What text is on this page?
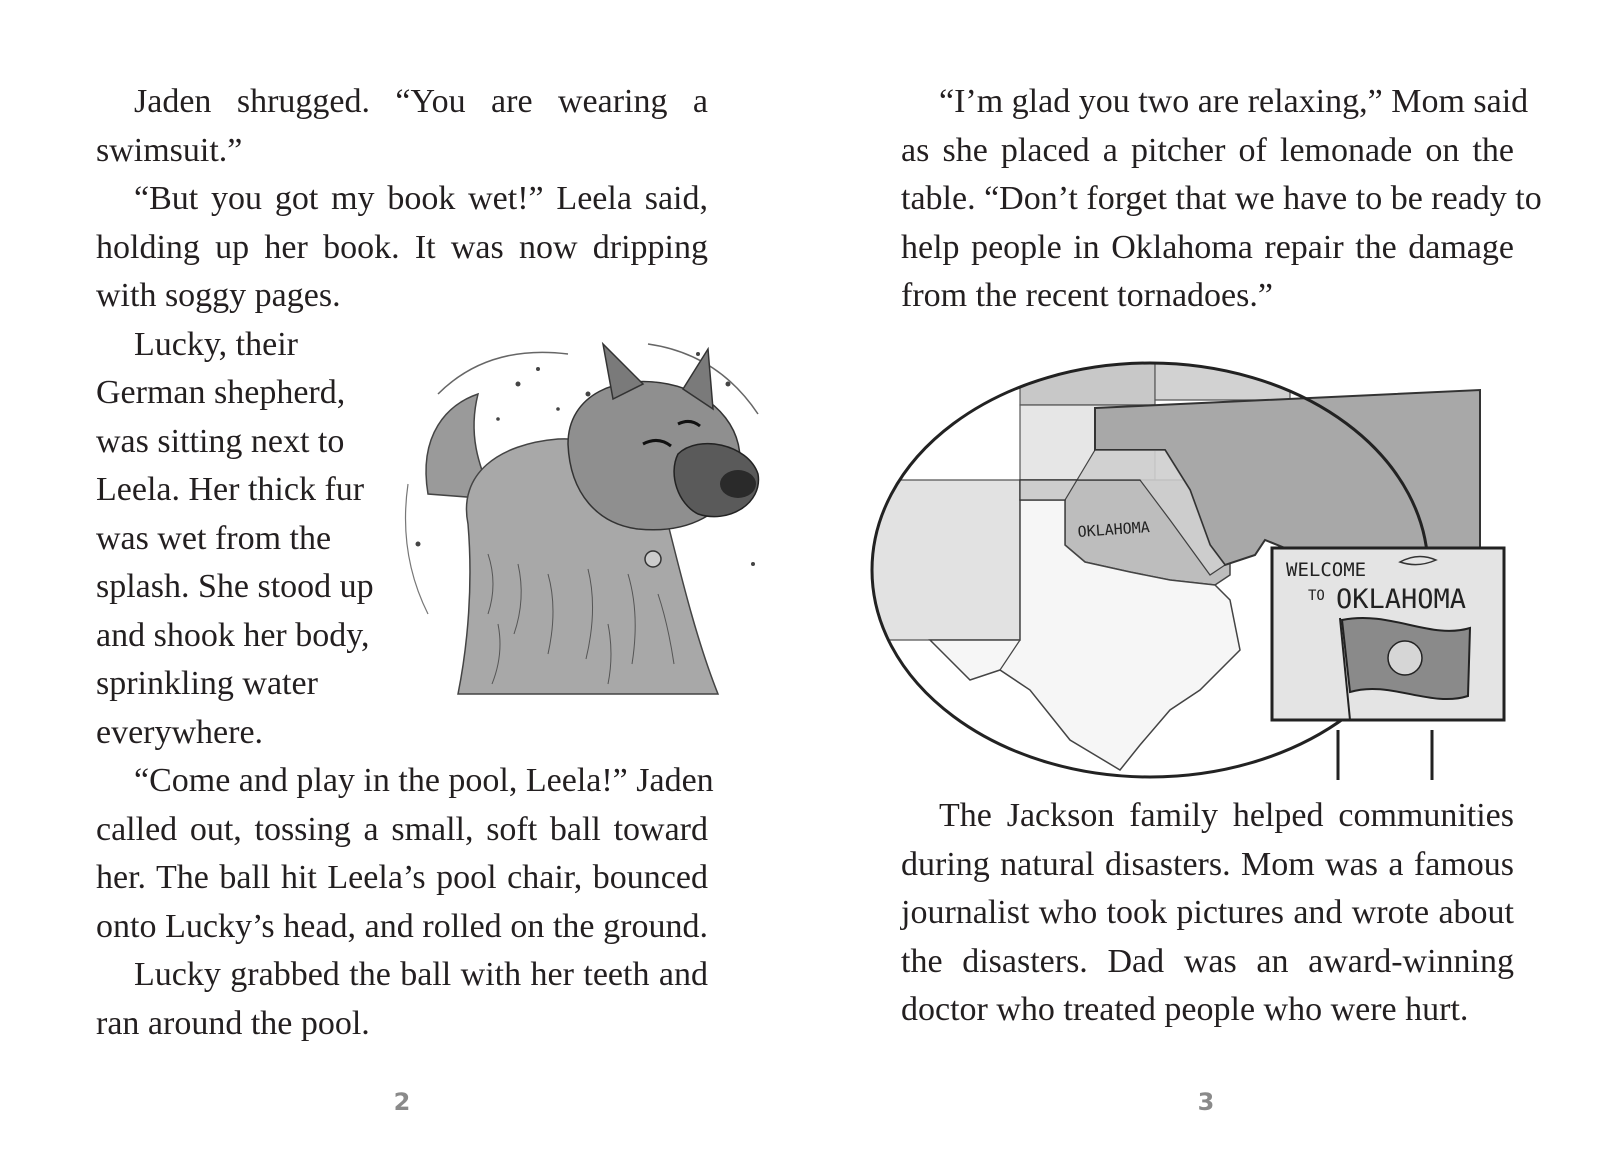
Jaden shrugged. “You are wearing a
swimsuit.”
“But you got my book wet!” Leela said,
holding up her book. It was now dripping
with soggy pages.
Lucky, their
German shepherd,
was sitting next to
Leela. Her thick fur
was wet from the
splash. She stood up
and shook her body,
sprinkling water
everywhere.
“Come and play in the pool, Leela!” Jaden
called out, tossing a small, soft ball toward
her. The ball hit Leela’s pool chair, bounced
onto Lucky’s head, and rolled on the ground.
Lucky grabbed the ball with her teeth and
ran around the pool.
“I’m glad you two are relaxing,” Mom said
as she placed a pitcher of lemonade on the
table. “Don’t forget that we have to be ready to
help people in Oklahoma repair the damage
from the recent tornadoes.”
OKLAHOMA
WELCOME
TO OKLAHOMA
The Jackson family helped communities
during natural disasters. Mom was a famous
journalist who took pictures and wrote about
the disasters. Dad was an award-winning
doctor who treated people who were hurt.
2	3
